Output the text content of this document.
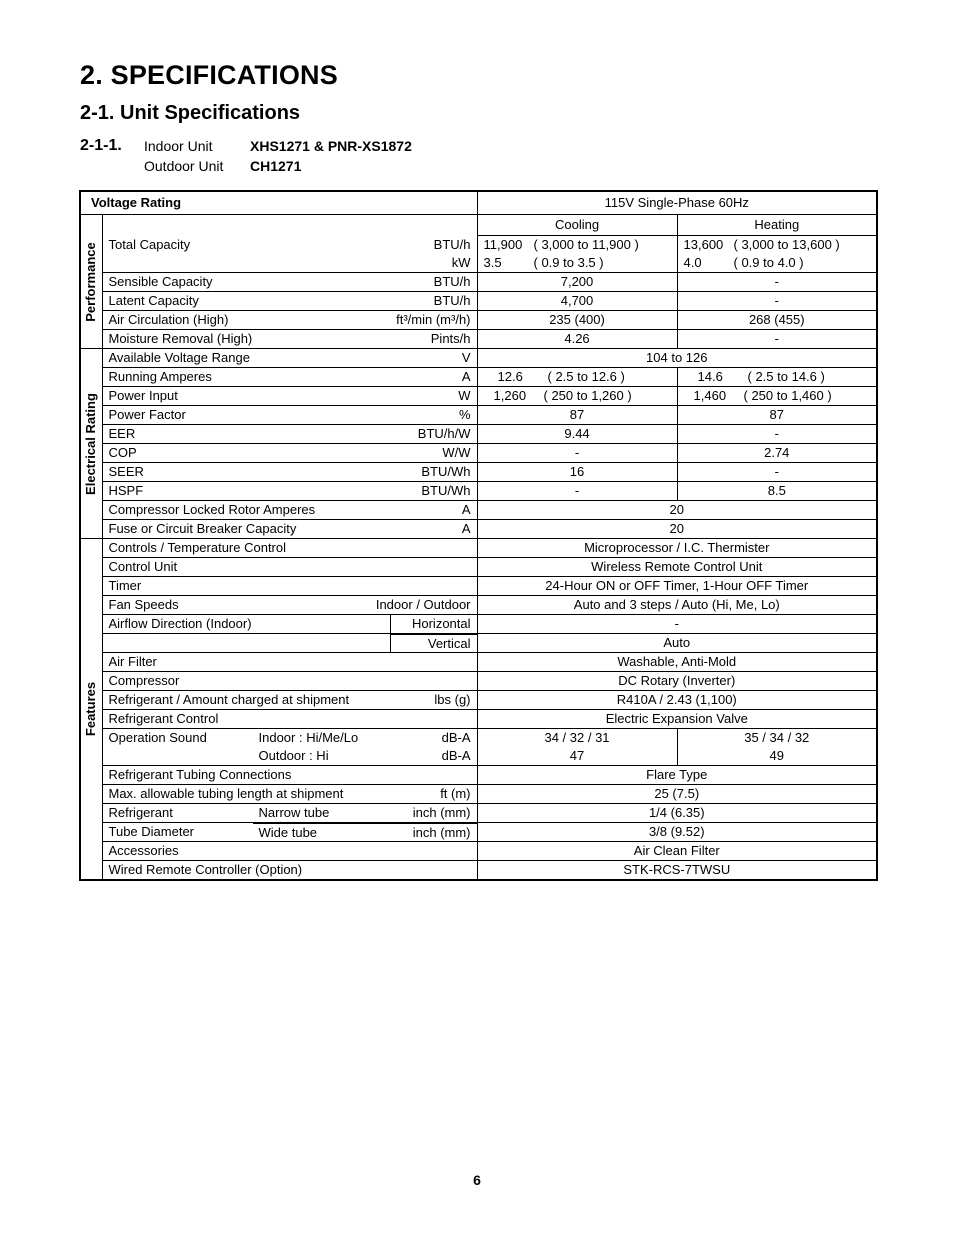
2. SPECIFICATIONS
2-1. Unit Specifications
2-1-1. Indoor Unit	XHS1271 & PNR-XS1872
Outdoor Unit CH1271
Voltage Rating		115V Single-Phase 60Hz	

Performance		Cooling	Heating

	Total Capacity BTU/h	11,900 ( 3,000 to 11,900 )	13,600 ( 3,000 to 13,600 )

	kW	3.5 ( 0.9 to 3.5 )	4.0 ( 0.9 to 4.0 )

	Sensible Capacity BTU/h	7,200	-

	Latent Capacity BTU/h	4,700	-

	Air Circulation (High) ft³/min (m³/h)	235 (400)	268 (455)

	Moisture Removal (High) Pints/h	4.26	-

Electrical Rating	Available Voltage Range V	104 to 126	

	Running Amperes A	12.6 ( 2.5 to 12.6 )	14.6 ( 2.5 to 14.6 )

	Power Input W	1,260 ( 250 to 1,260 )	1,460 ( 250 to 1,460 )

	Power Factor %	87	87

	EER BTU/h/W	9.44	-

	COP W/W	-	2.74

	SEER BTU/Wh	16	-

	HSPF BTU/Wh	-	8.5

	Compressor Locked Rotor Amperes A	20	

	Fuse or Circuit Breaker Capacity A	20	

Features	Controls / Temperature Control	Microprocessor / I.C. Thermister	
	Control Unit	Wireless Remote Control Unit	
	Timer	24-Hour ON or OFF Timer, 1-Hour OFF Timer	

	Fan Speeds Indoor / Outdoor	Auto and 3 steps / Auto (Hi, Me, Lo)	

	Airflow Direction (Indoor) Horizontal	-	

	Vertical	Auto	
	Air Filter	Washable, Anti-Mold	
	Compressor	DC Rotary (Inverter)	

	Refrigerant / Amount charged at shipment lbs (g)	R410A / 2.43 (1,100)	
	Refrigerant Control	Electric Expansion Valve	

	Operation Sound Indoor : Hi/Me/Lo dB-A	34 / 32 / 31	35 / 34 / 32

	Outdoor : Hi dB-A	47	49
	Refrigerant Tubing Connections	Flare Type	

	Max. allowable tubing length at shipment ft (m)	25 (7.5)	

	Refrigerant Narrow tube inch (mm)	1/4 (6.35)	

	Tube Diameter Wide tube inch (mm)	3/8 (9.52)	
	Accessories	Air Clean Filter	
	Wired Remote Controller (Option)	STK-RCS-7TWSU	
6
